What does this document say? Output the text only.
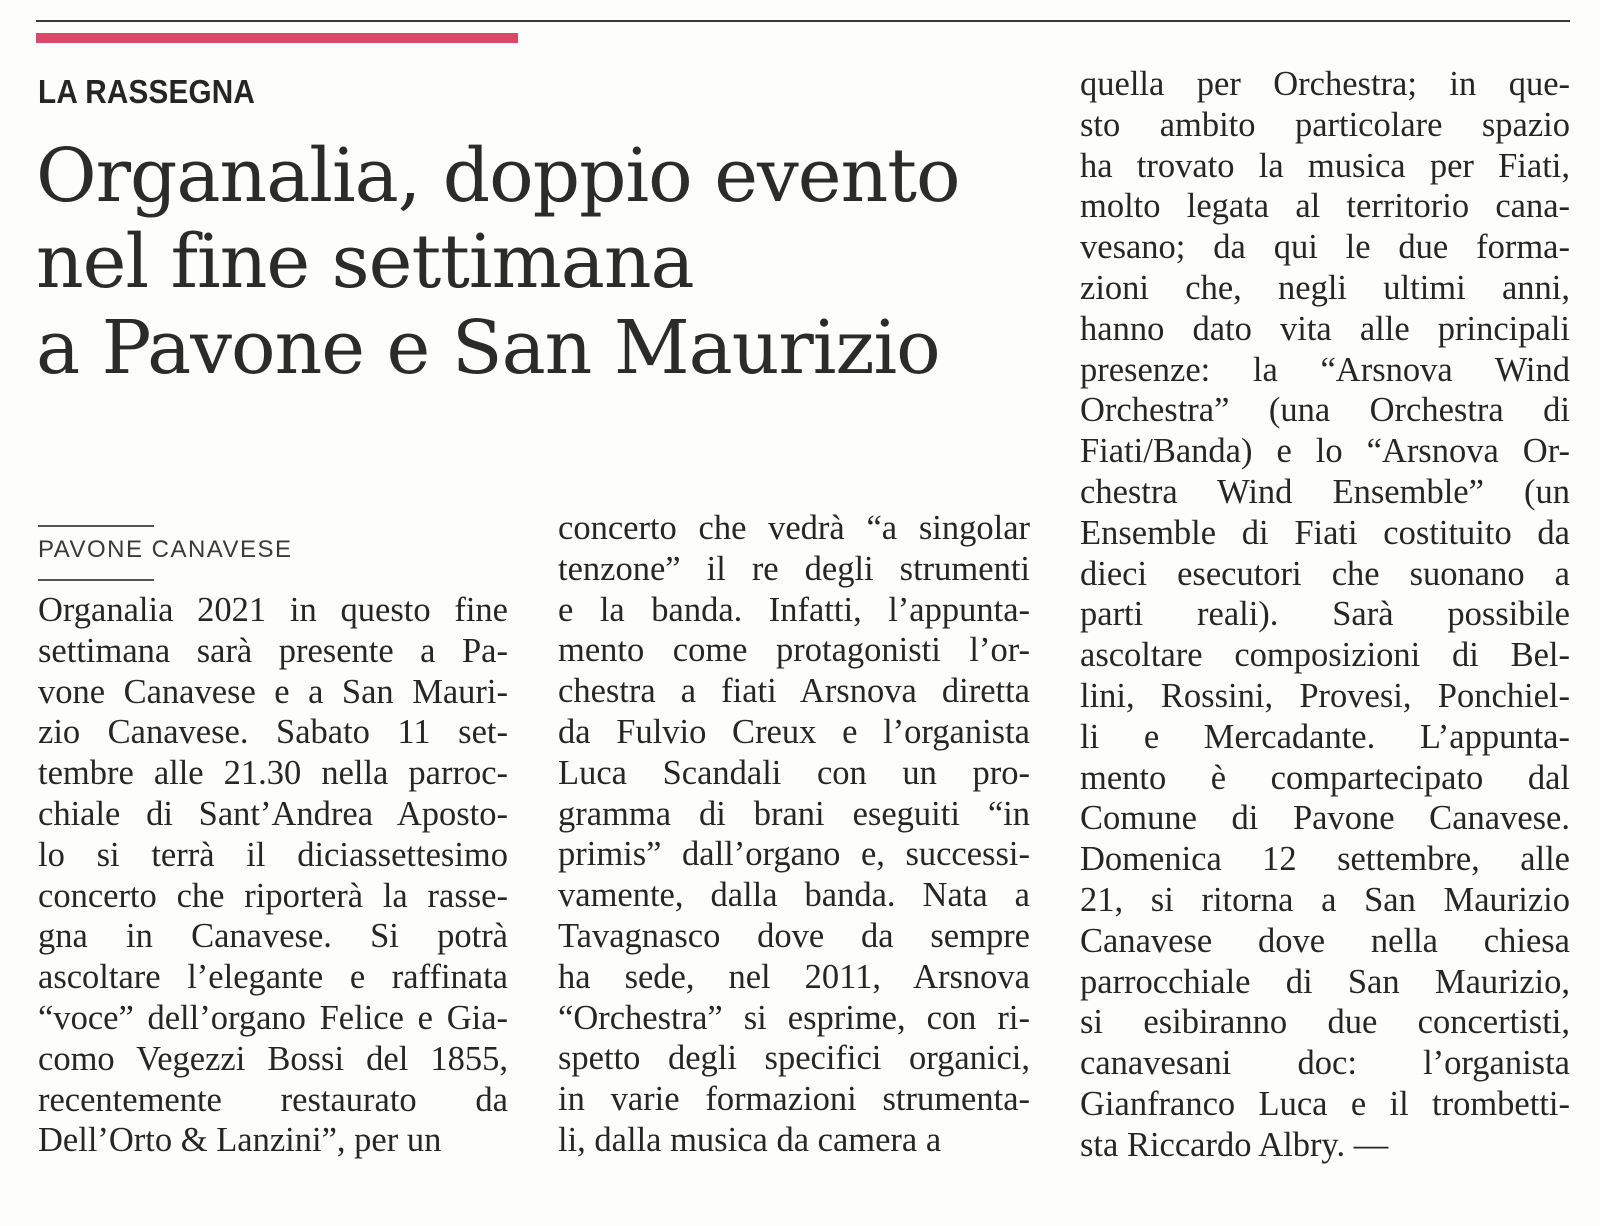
LA RASSEGNA
Organalia, doppio evento
nel fine settimana
a Pavone e San Maurizio

PAVONE CANAVESE

Organalia 2021 in questo fine
settimana sarà presente a Pa-
vone Canavese e a San Mauri-
zio Canavese. Sabato 11 set-
tembre alle 21.30 nella parroc-
chiale di Sant’Andrea Aposto-
lo si terrà il diciassettesimo
concerto che riporterà la rasse-
gna in Canavese. Si potrà
ascoltare l’elegante e raffinata
“voce” dell’organo Felice e Gia-
como Vegezzi Bossi del 1855,
recentemente restaurato da
Dell’Orto & Lanzini”, per un
concerto che vedrà “a singolar
tenzone” il re degli strumenti
e la banda. Infatti, l’appunta-
mento come protagonisti l’or-
chestra a fiati Arsnova diretta
da Fulvio Creux e l’organista
Luca Scandali con un pro-
gramma di brani eseguiti “in
primis” dall’organo e, successi-
vamente, dalla banda. Nata a
Tavagnasco dove da sempre
ha sede, nel 2011, Arsnova
“Orchestra” si esprime, con ri-
spetto degli specifici organici,
in varie formazioni strumenta-
li, dalla musica da camera a
quella per Orchestra; in que-
sto ambito particolare spazio
ha trovato la musica per Fiati,
molto legata al territorio cana-
vesano; da qui le due forma-
zioni che, negli ultimi anni,
hanno dato vita alle principali
presenze: la “Arsnova Wind
Orchestra” (una Orchestra di
Fiati/Banda) e lo “Arsnova Or-
chestra Wind Ensemble” (un
Ensemble di Fiati costituito da
dieci esecutori che suonano a
parti reali). Sarà possibile
ascoltare composizioni di Bel-
lini, Rossini, Provesi, Ponchiel-
li e Mercadante. L’appunta-
mento è compartecipato dal
Comune di Pavone Canavese.
Domenica 12 settembre, alle
21, si ritorna a San Maurizio
Canavese dove nella chiesa
parrocchiale di San Maurizio,
si esibiranno due concertisti,
canavesani doc: l’organista
Gianfranco Luca e il trombetti-
sta Riccardo Albry. —
